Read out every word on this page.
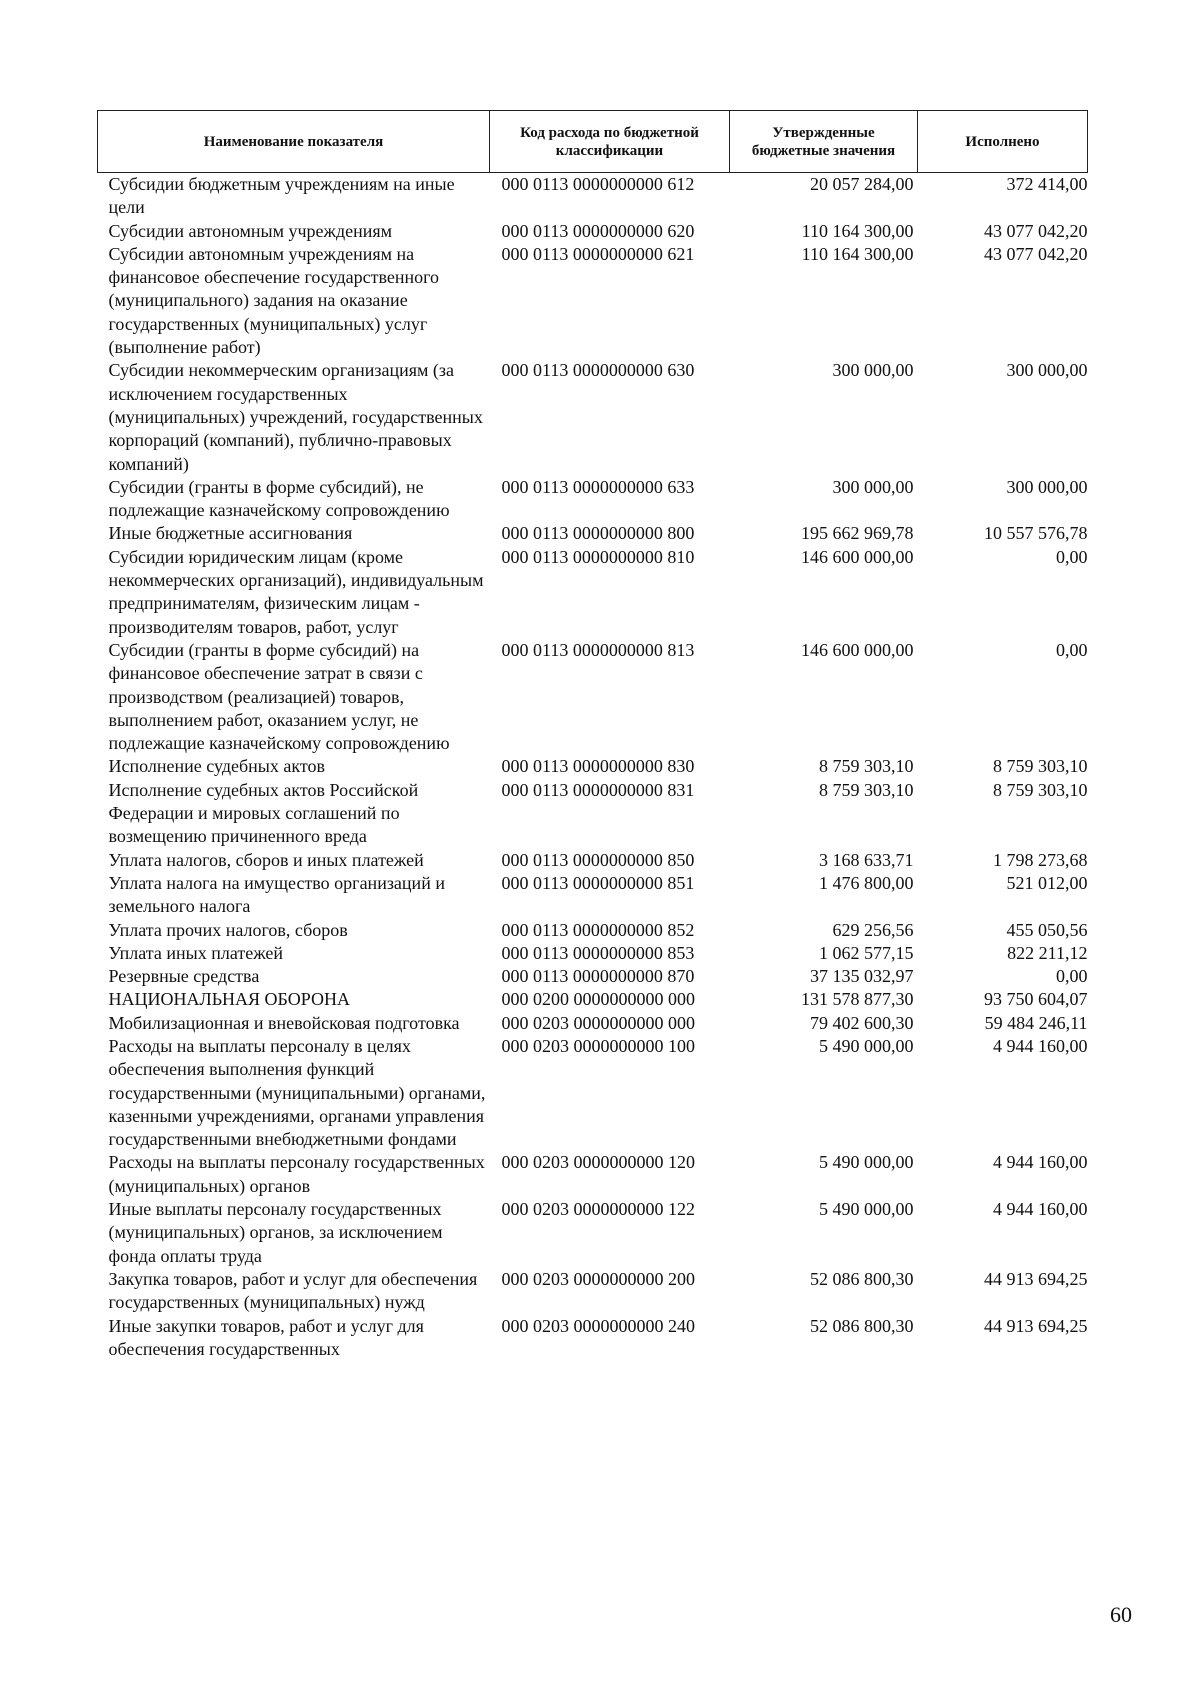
Наименование показателя	Код расхода по бюджетной классификации	Утвержденные бюджетные значения	Исполнено
Субсидии бюджетным учреждениям на иные цели	000 0113 0000000000 612	20 057 284,00	372 414,00
Субсидии автономным учреждениям	000 0113 0000000000 620	110 164 300,00	43 077 042,20
Субсидии автономным учреждениям на финансовое обеспечение государственного (муниципального) задания на оказание государственных (муниципальных) услуг (выполнение работ)	000 0113 0000000000 621	110 164 300,00	43 077 042,20
Субсидии некоммерческим организациям (за исключением государственных (муниципальных) учреждений, государственных корпораций (компаний), публично-правовых компаний)	000 0113 0000000000 630	300 000,00	300 000,00
Субсидии (гранты в форме субсидий), не подлежащие казначейскому сопровождению	000 0113 0000000000 633	300 000,00	300 000,00
Иные бюджетные ассигнования	000 0113 0000000000 800	195 662 969,78	10 557 576,78
Субсидии юридическим лицам (кроме некоммерческих организаций), индивидуальным предпринимателям, физическим лицам - производителям товаров, работ, услуг	000 0113 0000000000 810	146 600 000,00	0,00
Субсидии (гранты в форме субсидий) на финансовое обеспечение затрат в связи с производством (реализацией) товаров, выполнением работ, оказанием услуг, не подлежащие казначейскому сопровождению	000 0113 0000000000 813	146 600 000,00	0,00
Исполнение судебных актов	000 0113 0000000000 830	8 759 303,10	8 759 303,10
Исполнение судебных актов Российской Федерации и мировых соглашений по возмещению причиненного вреда	000 0113 0000000000 831	8 759 303,10	8 759 303,10
Уплата налогов, сборов и иных платежей	000 0113 0000000000 850	3 168 633,71	1 798 273,68
Уплата налога на имущество организаций и земельного налога	000 0113 0000000000 851	1 476 800,00	521 012,00
Уплата прочих налогов, сборов	000 0113 0000000000 852	629 256,56	455 050,56
Уплата иных платежей	000 0113 0000000000 853	1 062 577,15	822 211,12
Резервные средства	000 0113 0000000000 870	37 135 032,97	0,00
НАЦИОНАЛЬНАЯ ОБОРОНА	000 0200 0000000000 000	131 578 877,30	93 750 604,07
Мобилизационная и вневойсковая подготовка	000 0203 0000000000 000	79 402 600,30	59 484 246,11
Расходы на выплаты персоналу в целях обеспечения выполнения функций государственными (муниципальными) органами, казенными учреждениями, органами управления государственными внебюджетными фондами	000 0203 0000000000 100	5 490 000,00	4 944 160,00
Расходы на выплаты персоналу государственных (муниципальных) органов	000 0203 0000000000 120	5 490 000,00	4 944 160,00
Иные выплаты персоналу государственных (муниципальных) органов, за исключением фонда оплаты труда	000 0203 0000000000 122	5 490 000,00	4 944 160,00
Закупка товаров, работ и услуг для обеспечения государственных (муниципальных) нужд	000 0203 0000000000 200	52 086 800,30	44 913 694,25
Иные закупки товаров, работ и услуг для обеспечения государственных	000 0203 0000000000 240	52 086 800,30	44 913 694,25
60
